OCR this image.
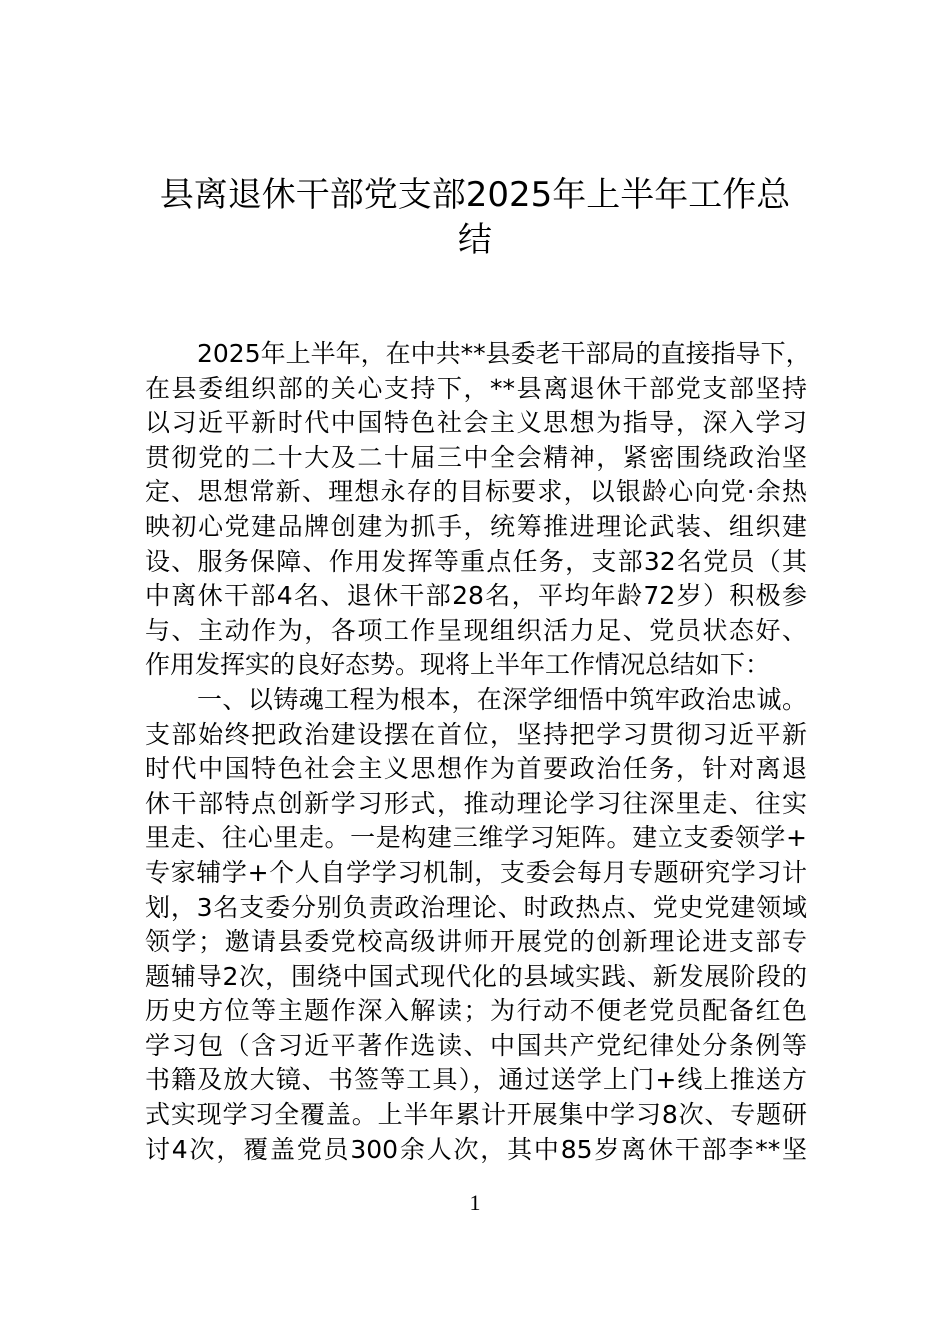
县离退休干部党支部2025年上半年工作总
结
2025年上半年，在中共**县委老干部局的直接指导下，
在县委组织部的关心支持下，**县离退休干部党支部坚持
以习近平新时代中国特色社会主义思想为指导，深入学习
贯彻党的二十大及二十届三中全会精神，紧密围绕政治坚
定、思想常新、理想永存的目标要求，以银龄心向党·余热
映初心党建品牌创建为抓手，统筹推进理论武装、组织建
设、服务保障、作用发挥等重点任务，支部32名党员（其
中离休干部4名、退休干部28名，平均年龄72岁）积极参
与、主动作为，各项工作呈现组织活力足、党员状态好、
作用发挥实的良好态势。现将上半年工作情况总结如下：
一、以铸魂工程为根本，在深学细悟中筑牢政治忠诚。
支部始终把政治建设摆在首位，坚持把学习贯彻习近平新
时代中国特色社会主义思想作为首要政治任务，针对离退
休干部特点创新学习形式，推动理论学习往深里走、往实
里走、往心里走。一是构建三维学习矩阵。建立支委领学+
专家辅学+个人自学学习机制，支委会每月专题研究学习计
划，3名支委分别负责政治理论、时政热点、党史党建领域
领学；邀请县委党校高级讲师开展党的创新理论进支部专
题辅导2次，围绕中国式现代化的县域实践、新发展阶段的
历史方位等主题作深入解读；为行动不便老党员配备红色
学习包（含习近平著作选读、中国共产党纪律处分条例等
书籍及放大镜、书签等工具），通过送学上门+线上推送方
式实现学习全覆盖。上半年累计开展集中学习8次、专题研
讨4次，覆盖党员300余人次，其中85岁离休干部李**坚
1
